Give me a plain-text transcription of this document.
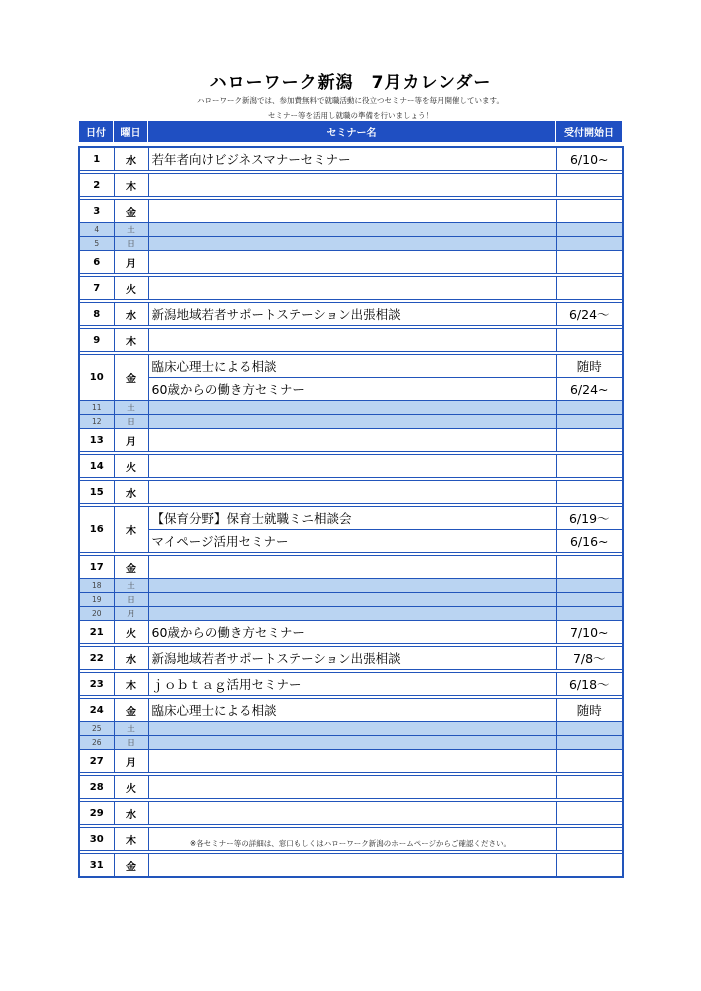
ハローワーク新潟　7月カレンダー
ハローワーク新潟では、参加費無料で就職活動に役立つセミナー等を毎月開催しています。
セミナー等を活用し就職の準備を行いましょう！
日付	曜日	セミナー名	受付開始日
1	水	若年者向けビジネスマナーセミナー	6/10~

2	木		

3	金		
4	土		
5	日		
6	月		

7	火		

8	水	新潟地域若者サポートステーション出張相談	6/24～

9	木		

10	金	臨床心理士による相談	随時
		60歳からの働き方セミナー	6/24~
11	土		
12	日		
13	月		

14	火		

15	水		

16	木	【保育分野】保育士就職ミニ相談会	6/19～
		マイページ活用セミナー	6/16~

17	金		
18	土		
19	日		
20	月		
21	火	60歳からの働き方セミナー	7/10~

22	水	新潟地域若者サポートステーション出張相談	7/8～

23	木	ｊｏｂｔａｇ活用セミナー	6/18～

24	金	臨床心理士による相談	随時
25	土		
26	日		
27	月		

28	火		

29	水		

30	木		

31	金		
※各セミナー等の詳細は、窓口もしくはハローワーク新潟のホームページからご確認ください。
